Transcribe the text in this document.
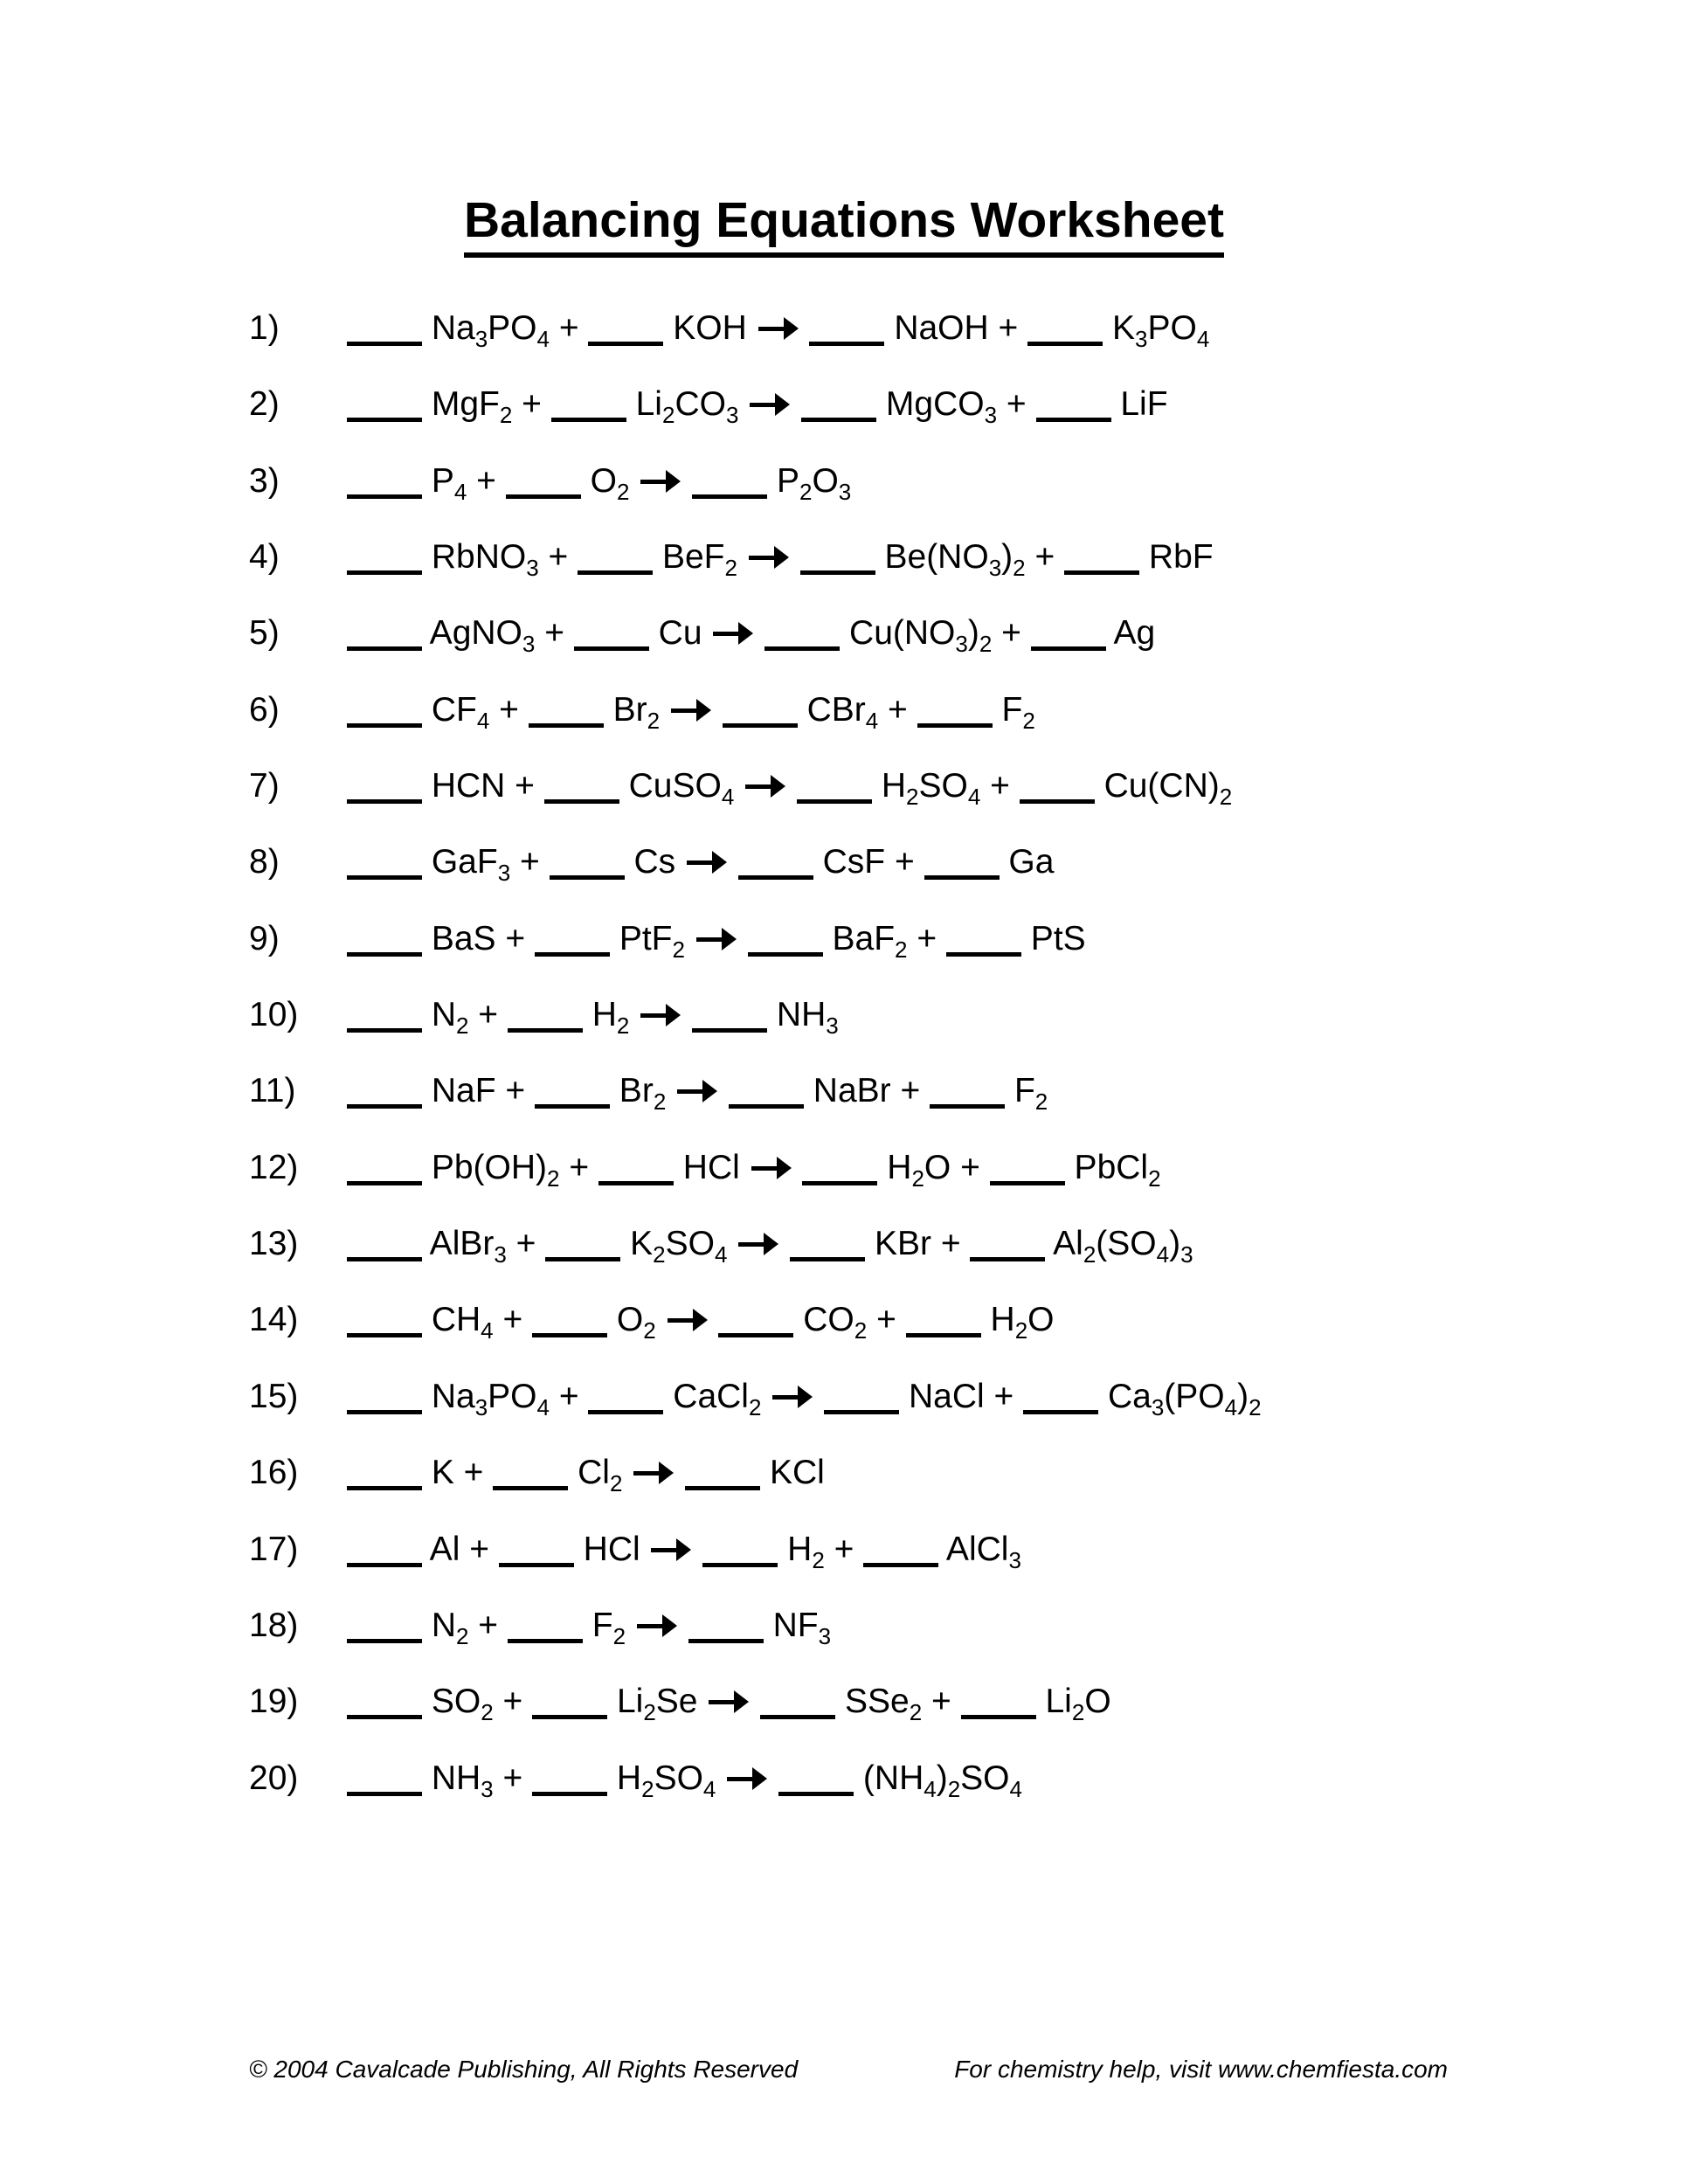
Balancing Equations Worksheet
1)	$Na_3PO_4$ +  KOH	NaOH +  $K_3PO_4$
2)	$MgF_2 + Li_2CO_3$	MgCO$_3$ +  LiF
3)	$P_4 + O_2$	$P_2O_3$
4)	RbNO$_3$ +  BeF$_2$	$Be(NO_3)_2$ +  RbF
5)	AgNO$_3$ +  Cu	$Cu(NO_3)_2 + Ag$
6)	$CF_4 + Br_2$	$CBr_4 + F_2$
7)	HCN +  CuSO$_4$	$H_2SO_4 + Cu(CN)_2$
8)	GaF$_3$ +  Cs	CsF +  Ga
9)	BaS +  PtF$_2$	BaF$_2$ +  PtS
10)	$N_2 + H_2$	$NH_3$
11)	NaF +  $Br_2$	NaBr +  $F_2$
12)	$Pb(OH)_2$ +  HCl	$H_2O$ +  PbCl$_2$
13)	AlBr$_3$ +  $K_2SO_4$	KBr +  $Al_2(SO_4)_3$
14)	$CH_4 + O_2$	$CO_2 + H_2O$
15)	$Na_3PO_4$ +  CaCl$_2$	NaCl +  $Ca_3(PO_4)_2$
16)	$K + Cl_2$	KCl
17)	Al +  HCl	$H_2$ +  AlCl$_3$
18)	$N_2 + F_2$	$NF_3$
19)	$SO_2 + Li_2Se$	$SSe_2 + Li_2O$
20)	$NH_3 + H_2SO_4$	$(NH_4)_2SO_4$
© 2004 Cavalcade Publishing, All Rights Reserved	For chemistry help, visit www.chemfiesta.com
